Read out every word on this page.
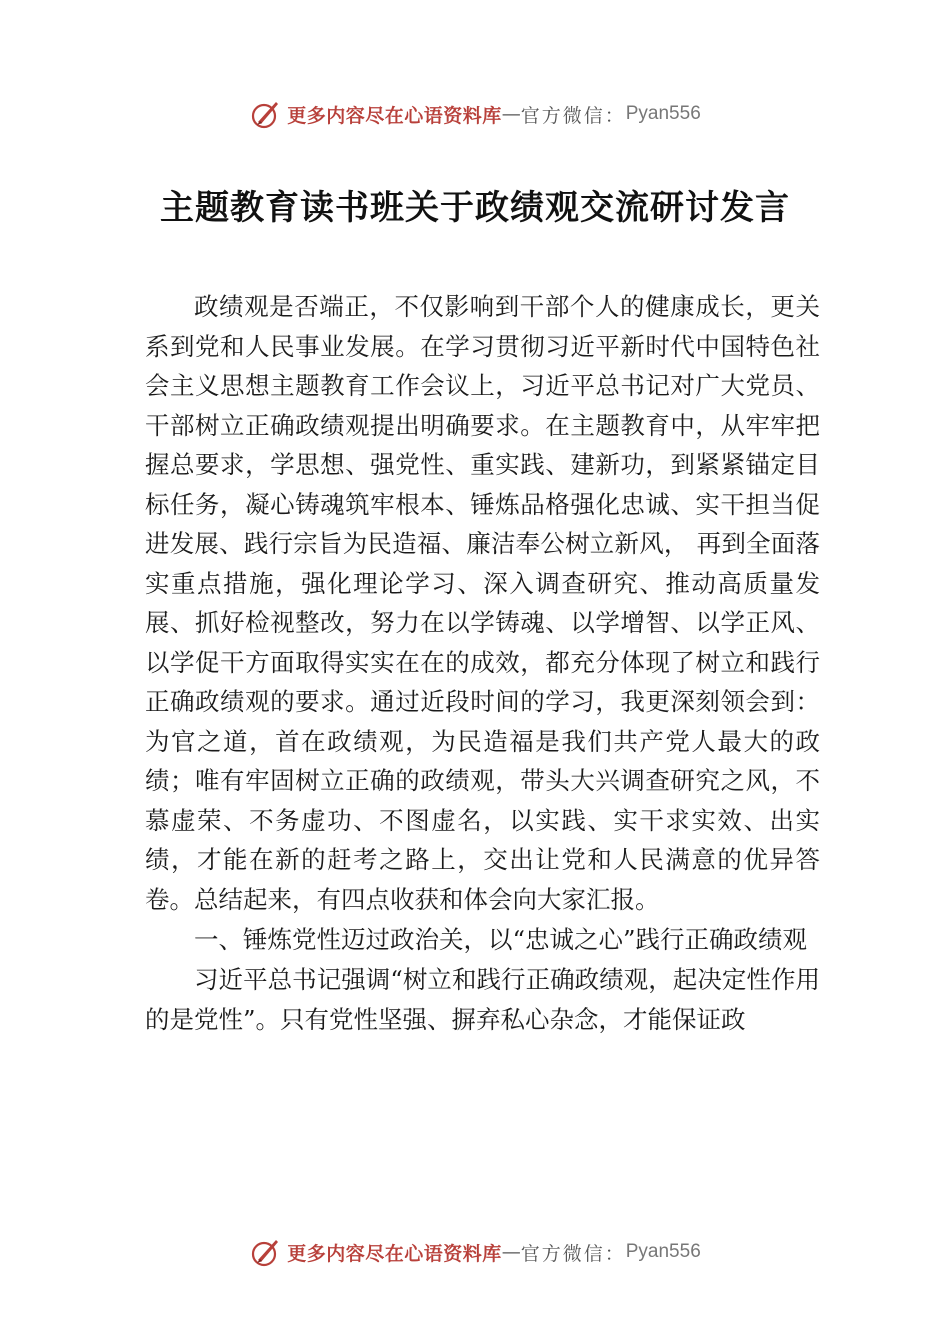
更多内容尽在心语资料库 — 官方微信： Pyan556
主题教育读书班关于政绩观交流研讨发言

政绩观是否端正，不仅影响到干部个人的健康成长，更关系到党和人民事业发展。在学习贯彻习近平新时代中国特色社会主义思想主题教育工作会议上，习近平总书记对广大党员、干部树立正确政绩观提出明确要求。在主题教育中，从牢牢把握总要求，学思想、强党性、重实践、建新功，到紧紧锚定目标任务，凝心铸魂筑牢根本、锤炼品格强化忠诚、实干担当促进发展、践行宗旨为民造福、廉洁奉公树立新风， 再到全面落实重点措施，强化理论学习、深入调查研究、推动高质量发展、抓好检视整改，努力在以学铸魂、以学增智、以学正风、以学促干方面取得实实在在的成效，都充分体现了树立和践行正确政绩观的要求。通过近段时间的学习，我更深刻领会到：为官之道，首在政绩观，为民造福是我们共产党人最大的政绩；唯有牢固树立正确的政绩观，带头大兴调查研究之风，不慕虚荣、不务虚功、不图虚名，以实践、实干求实效、出实绩，才能在新的赶考之路上，交出让党和人民满意的优异答卷。总结起来，有四点收获和体会向大家汇报。

一、锤炼党性迈过政治关，以“忠诚之心”践行正确政绩观

习近平总书记强调“树立和践行正确政绩观，起决定性作用的是党性”。只有党性坚强、摒弃私心杂念，才能保证政

更多内容尽在心语资料库 — 官方微信： Pyan556
